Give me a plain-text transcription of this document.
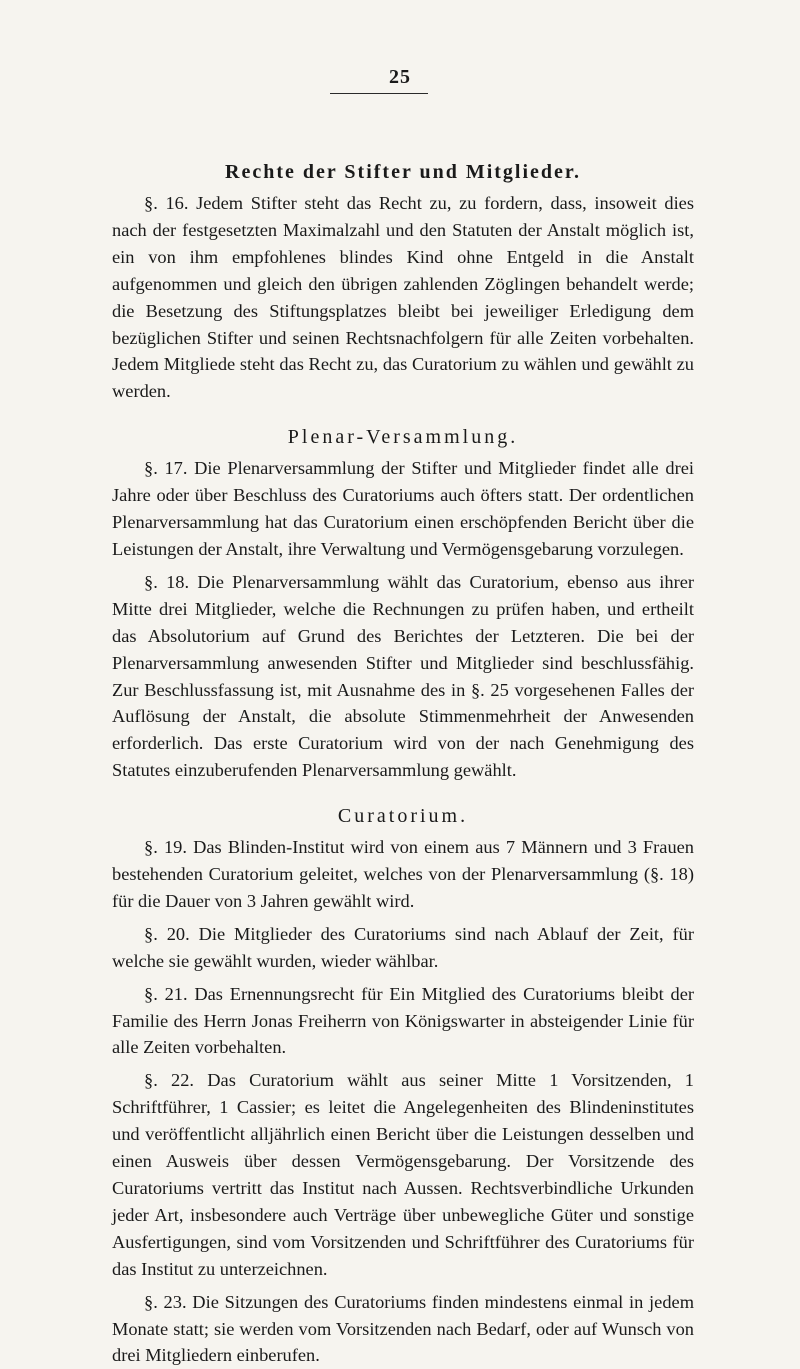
25
Rechte der Stifter und Mitglieder.

§. 16. Jedem Stifter steht das Recht zu, zu fordern, dass, insoweit dies nach der festgesetzten Maximalzahl und den Statuten der Anstalt möglich ist, ein von ihm empfohlenes blindes Kind ohne Entgeld in die Anstalt aufgenommen und gleich den übrigen zahlenden Zöglingen behandelt werde; die Besetzung des Stiftungsplatzes bleibt bei jeweiliger Erledigung dem bezüglichen Stifter und seinen Rechtsnachfolgern für alle Zeiten vorbehalten. Jedem Mitgliede steht das Recht zu, das Curatorium zu wählen und gewählt zu werden.

Plenar-Versammlung.

§. 17. Die Plenarversammlung der Stifter und Mitglieder findet alle drei Jahre oder über Beschluss des Curatoriums auch öfters statt. Der ordentlichen Plenarversammlung hat das Curatorium einen erschöpfenden Bericht über die Leistungen der Anstalt, ihre Verwaltung und Vermögensgebarung vorzulegen.

§. 18. Die Plenarversammlung wählt das Curatorium, ebenso aus ihrer Mitte drei Mitglieder, welche die Rechnungen zu prüfen haben, und ertheilt das Absolutorium auf Grund des Berichtes der Letzteren. Die bei der Plenarversammlung anwesenden Stifter und Mitglieder sind beschlussfähig. Zur Beschlussfassung ist, mit Ausnahme des in §. 25 vorgesehenen Falles der Auflösung der Anstalt, die absolute Stimmenmehrheit der Anwesenden erforderlich. Das erste Curatorium wird von der nach Genehmigung des Statutes einzuberufenden Plenarversammlung gewählt.

Curatorium.

§. 19. Das Blinden-Institut wird von einem aus 7 Männern und 3 Frauen bestehenden Curatorium geleitet, welches von der Plenarversammlung (§. 18) für die Dauer von 3 Jahren gewählt wird.

§. 20. Die Mitglieder des Curatoriums sind nach Ablauf der Zeit, für welche sie gewählt wurden, wieder wählbar.

§. 21. Das Ernennungsrecht für Ein Mitglied des Curatoriums bleibt der Familie des Herrn Jonas Freiherrn von Königswarter in absteigender Linie für alle Zeiten vorbehalten.

§. 22. Das Curatorium wählt aus seiner Mitte 1 Vorsitzenden, 1 Schriftführer, 1 Cassier; es leitet die Angelegenheiten des Blindeninstitutes und veröffentlicht alljährlich einen Bericht über die Leistungen desselben und einen Ausweis über dessen Vermögensgebarung. Der Vorsitzende des Curatoriums vertritt das Institut nach Aussen. Rechtsverbindliche Urkunden jeder Art, insbesondere auch Verträge über unbewegliche Güter und sonstige Ausfertigungen, sind vom Vorsitzenden und Schriftführer des Curatoriums für das Institut zu unterzeichnen.

§. 23. Die Sitzungen des Curatoriums finden mindestens einmal in jedem Monate statt; sie werden vom Vorsitzenden nach Bedarf, oder auf Wunsch von drei Mitgliedern einberufen.
